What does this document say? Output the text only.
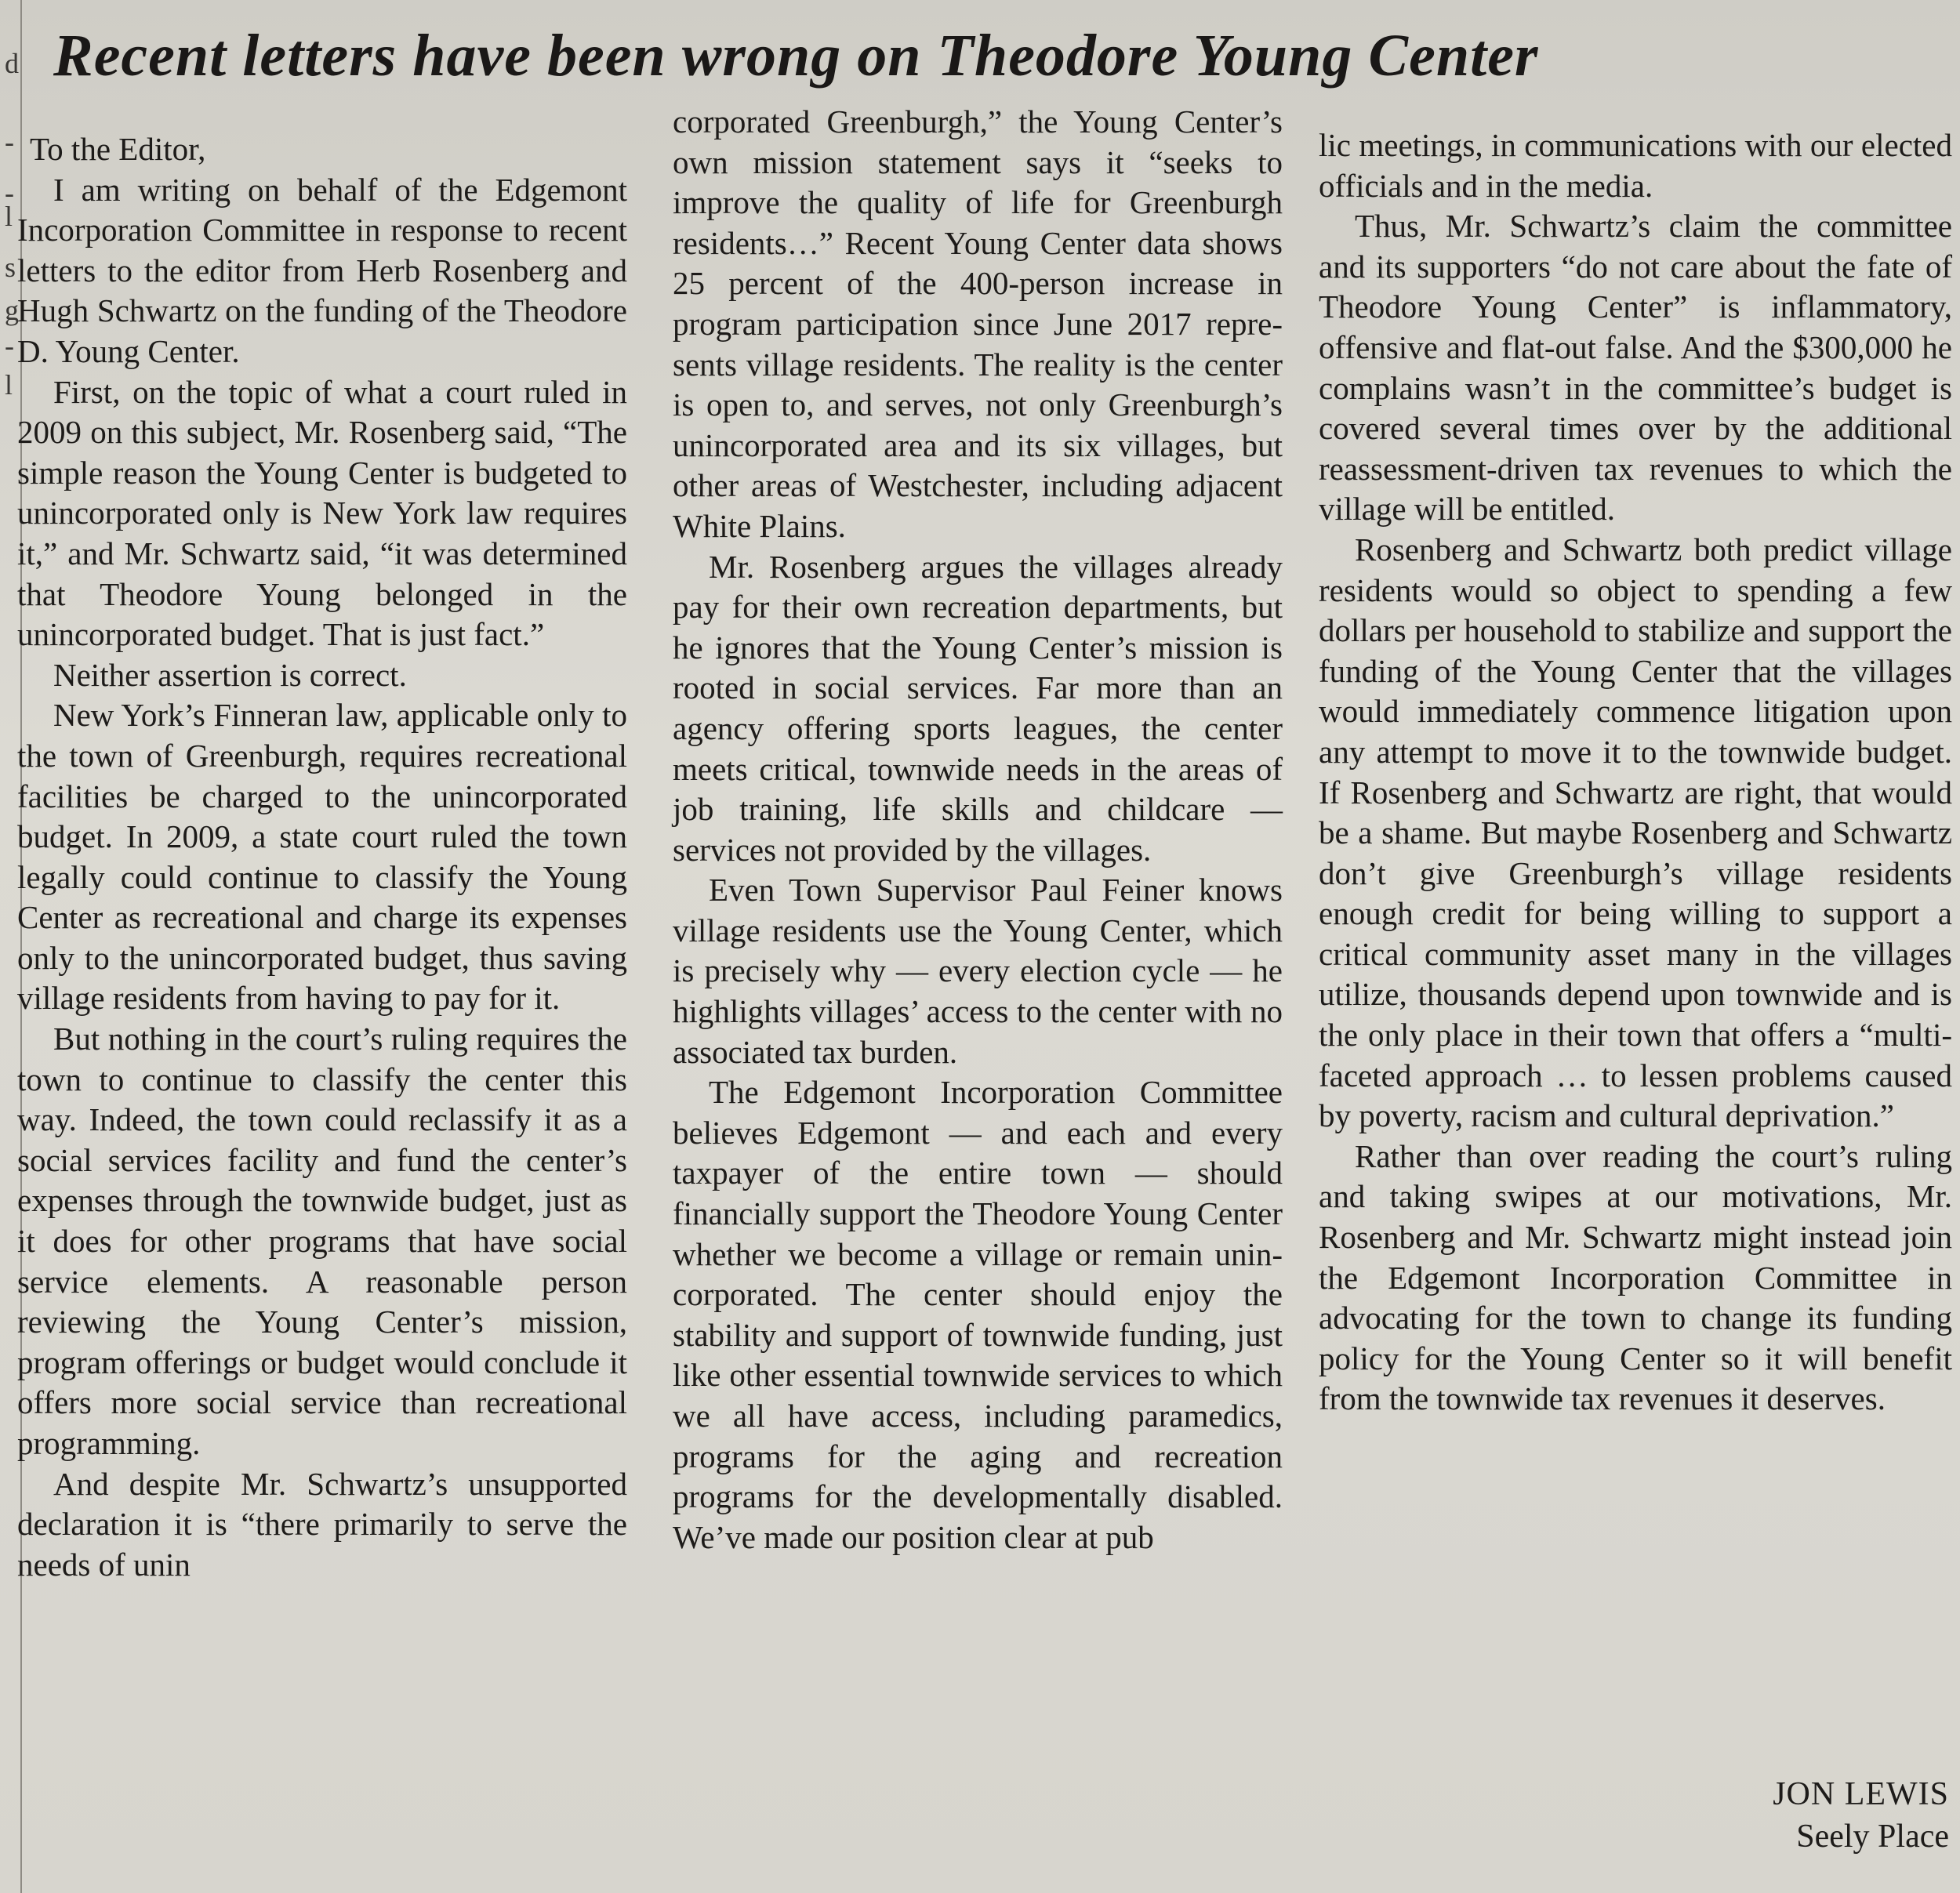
d
-
-
l
s
g
-
l
Recent letters have been wrong on Theodore Young Center

To the Editor,

I am writing on behalf of the Edgemont Incorporation Committee in response to recent letters to the editor from Herb Rosenberg and Hugh Schwartz on the funding of the Theodore D. Young Center.

First, on the topic of what a court ruled in 2009 on this subject, Mr. Rosenberg said, “The simple reason the Young Center is budgeted to unincorporated only is New York law requires it,” and Mr. Schwartz said, “it was determined that Theodore Young belonged in the unincorporated budget. That is just fact.”

Neither assertion is correct.

New York’s Finneran law, applicable only to the town of Greenburgh, requires recreational facilities be charged to the unincorporated budget. In 2009, a state court ruled the town legally could continue to classify the Young Center as recreational and charge its expenses only to the unincorporated budget, thus saving village residents from having to pay for it.

But nothing in the court’s ruling requires the town to continue to classify the center this way. Indeed, the town could reclassify it as a social services facility and fund the center’s expenses through the townwide budget, just as it does for other programs that have social service elements. A reasonable person reviewing the Young Center’s mission, program offerings or budget would conclude it offers more social service than recreational programming.

And despite Mr. Schwartz’s unsupported declaration it is “there primarily to serve the needs of unin

corporated Greenburgh,” the Young Center’s own mission statement says it “seeks to improve the quality of life for Greenburgh residents…” Recent Young Center data shows 25 percent of the 400-person increase in program participation since June 2017 represents village residents. The reality is the center is open to, and serves, not only Greenburgh’s unincorporated area and its six villages, but other areas of Westchester, including adjacent White Plains.

Mr. Rosenberg argues the villages already pay for their own recreation departments, but he ignores that the Young Center’s mission is rooted in social services. Far more than an agency offering sports leagues, the center meets critical, townwide needs in the areas of job training, life skills and childcare — services not provided by the villages.

Even Town Supervisor Paul Feiner knows village residents use the Young Center, which is precisely why — every election cycle — he highlights villages’ access to the center with no associated tax burden.

The Edgemont Incorporation Committee believes Edgemont — and each and every taxpayer of the entire town — should financially support the Theodore Young Center whether we become a village or remain unincorporated. The center should enjoy the stability and support of townwide funding, just like other essential townwide services to which we all have access, including paramedics, programs for the aging and recreation programs for the developmentally disabled. We’ve made our position clear at pub

lic meetings, in communications with our elected officials and in the media.

Thus, Mr. Schwartz’s claim the committee and its supporters “do not care about the fate of Theodore Young Center” is inflammatory, offensive and flat-out false. And the $300,000 he complains wasn’t in the committee’s budget is covered several times over by the additional reassessment-driven tax revenues to which the village will be entitled.

Rosenberg and Schwartz both predict village residents would so object to spending a few dollars per household to stabilize and support the funding of the Young Center that the villages would immediately commence litigation upon any attempt to move it to the townwide budget. If Rosenberg and Schwartz are right, that would be a shame. But maybe Rosenberg and Schwartz don’t give Greenburgh’s village residents enough credit for being willing to support a critical community asset many in the villages utilize, thousands depend upon townwide and is the only place in their town that offers a “multi-faceted approach … to lessen problems caused by poverty, racism and cultural deprivation.”

Rather than over reading the court’s ruling and taking swipes at our motivations, Mr. Rosenberg and Mr. Schwartz might instead join the Edgemont Incorporation Committee in advocating for the town to change its funding policy for the Young Center so it will benefit from the townwide tax revenues it deserves.

JON LEWIS
Seely Place
